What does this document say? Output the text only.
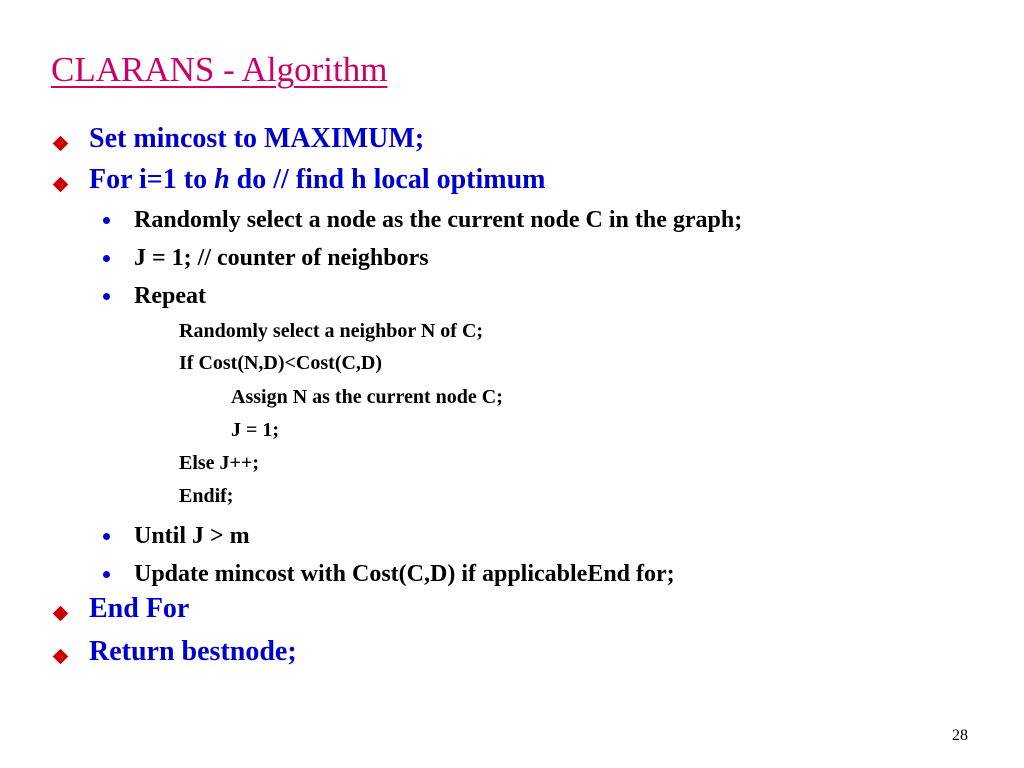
CLARANS - Algorithm
Set mincost to MAXIMUM;
For i=1 to h do // find h local optimum
Randomly select a node as the current node C in the graph;
J = 1; // counter of neighbors
Repeat
Randomly select a neighbor N of C;
If Cost(N,D)<Cost(C,D)
Assign N as the current node C;
J = 1;
Else J++;
Endif;
Until J > m
Update mincost with Cost(C,D) if applicableEnd for;
End For
Return bestnode;
28
